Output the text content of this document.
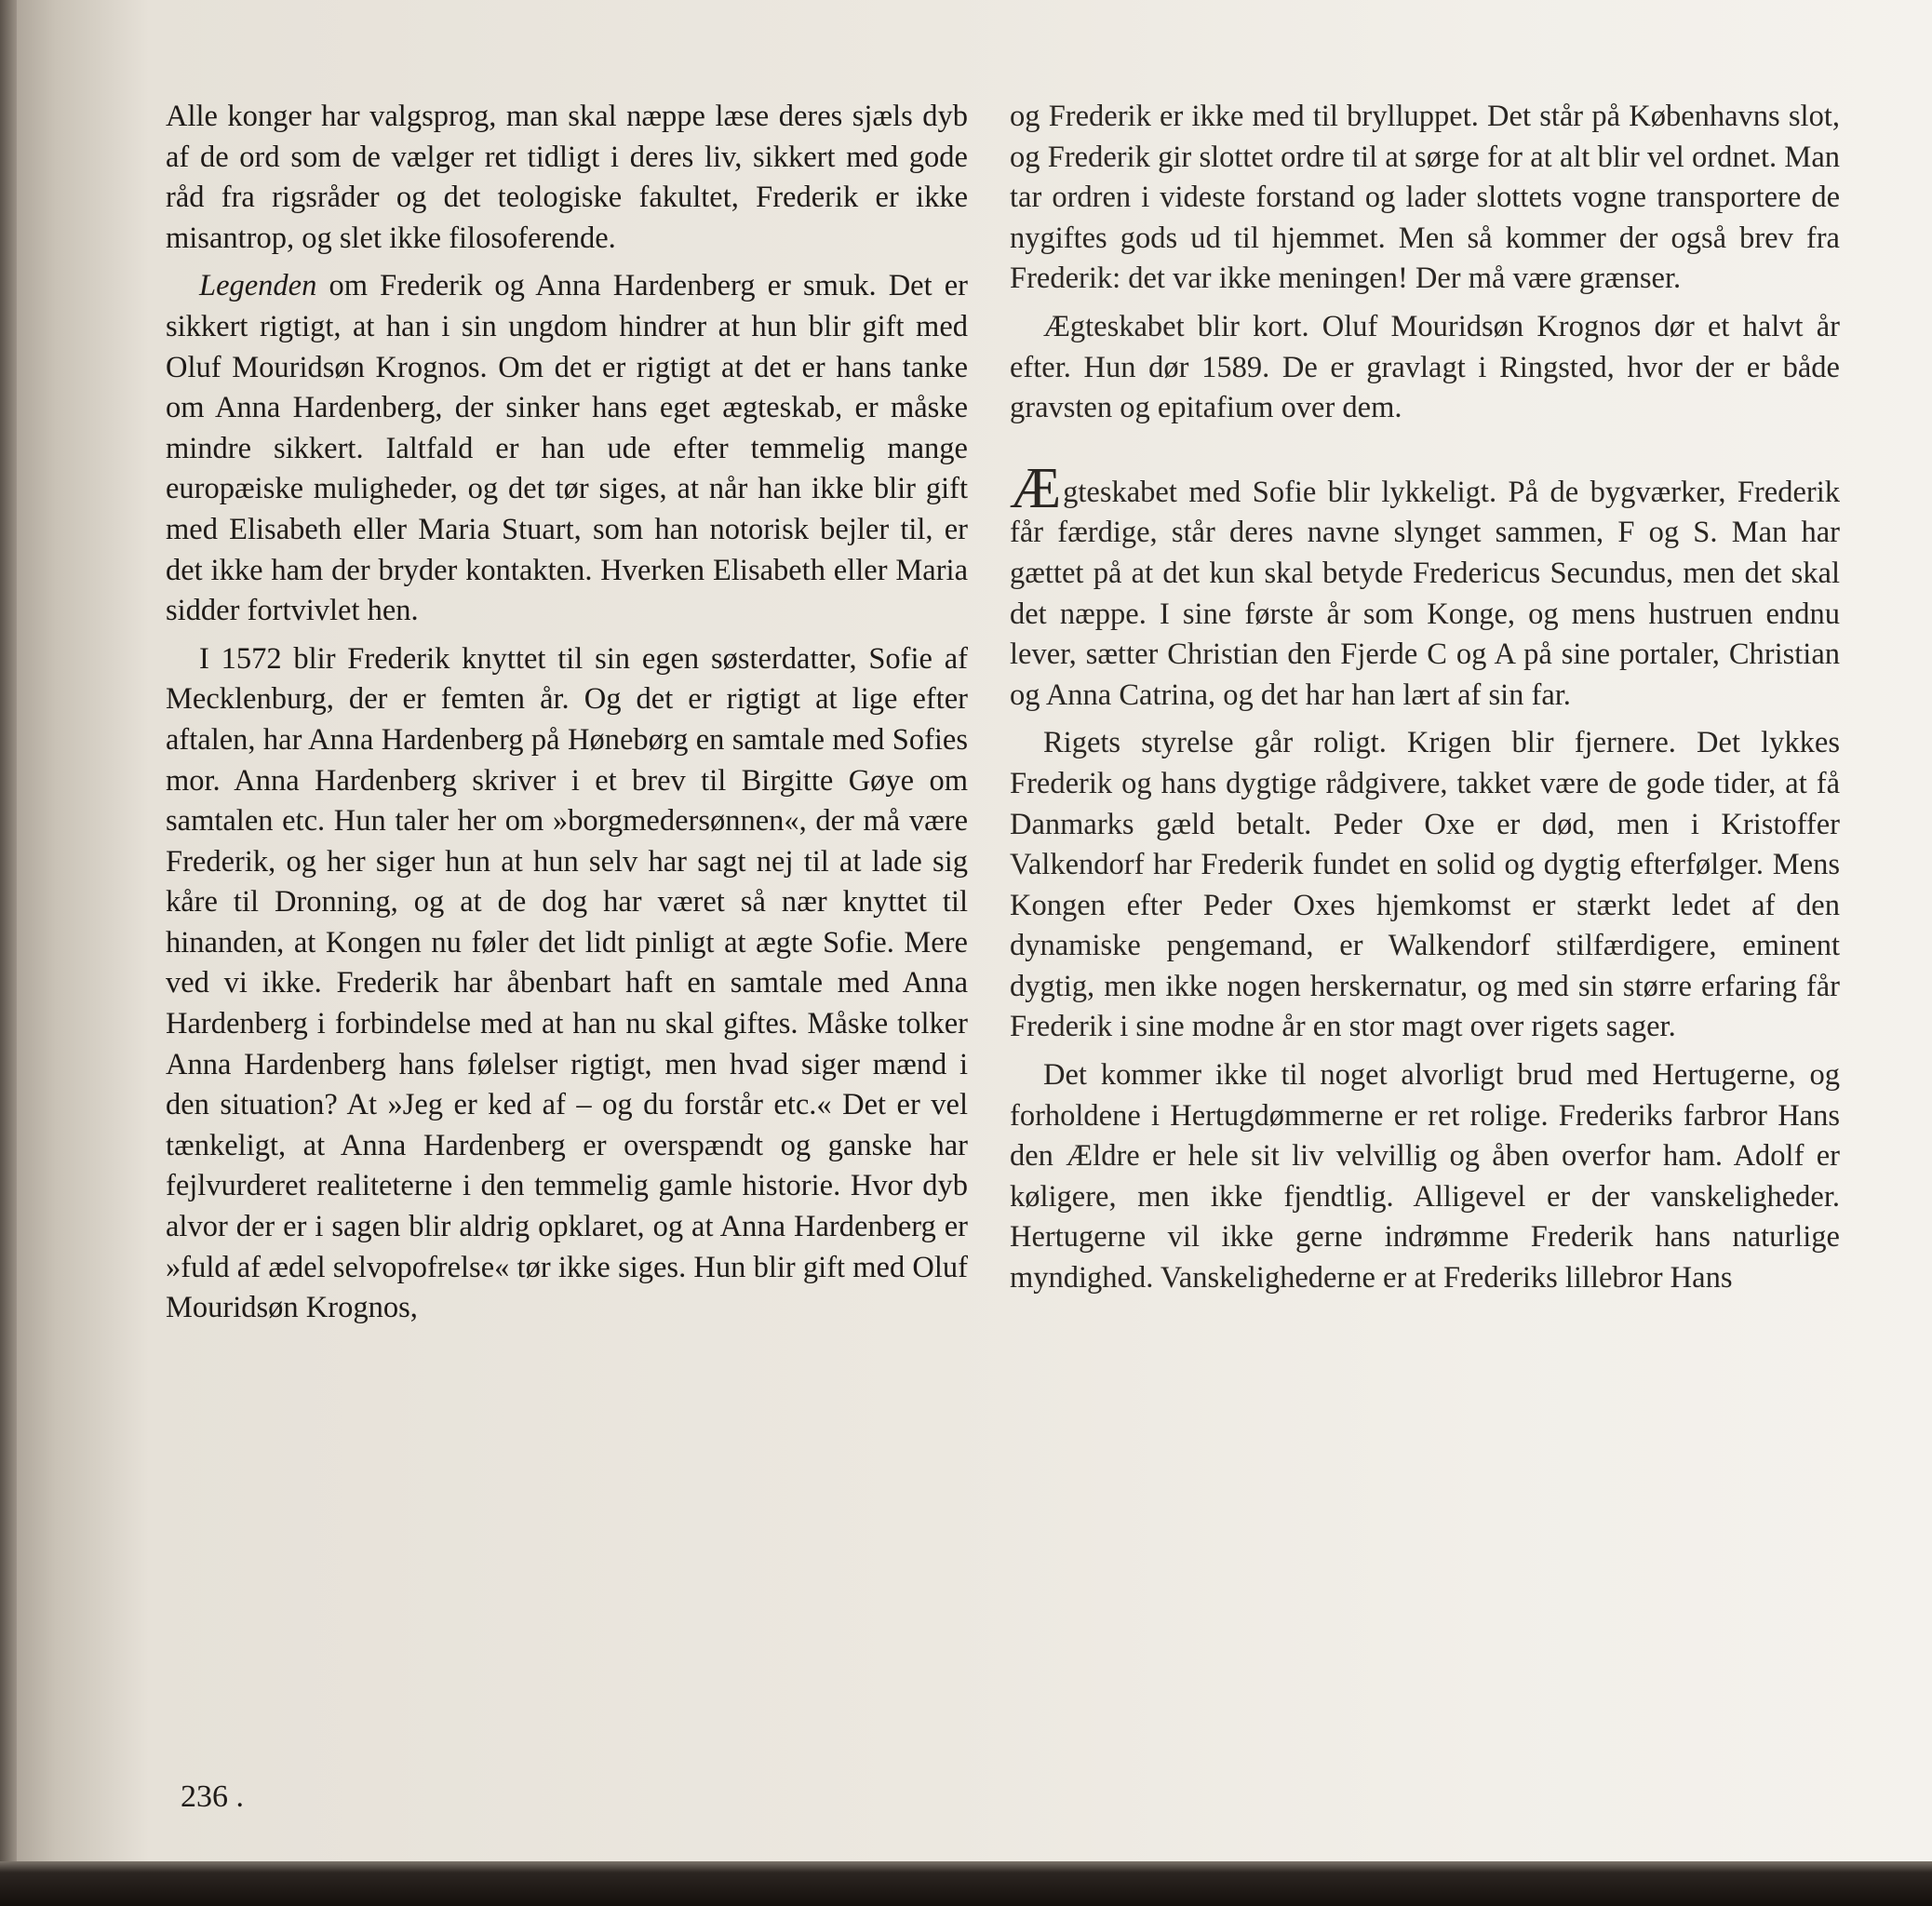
Alle konger har valgsprog, man skal næppe læse deres sjæls dyb af de ord som de vælger ret tidligt i deres liv, sikkert med gode råd fra rigsråder og det teologiske fakultet, Frederik er ikke misantrop, og slet ikke filosoferende.

Legenden om Frederik og Anna Hardenberg er smuk. Det er sikkert rigtigt, at han i sin ungdom hindrer at hun blir gift med Oluf Mouridsøn Krognos. Om det er rigtigt at det er hans tanke om Anna Hardenberg, der sinker hans eget ægteskab, er måske mindre sikkert. Ialtfald er han ude efter temmelig mange europæiske muligheder, og det tør siges, at når han ikke blir gift med Elisabeth eller Maria Stuart, som han notorisk bejler til, er det ikke ham der bryder kontakten. Hverken Elisabeth eller Maria sidder fortvivlet hen.

I 1572 blir Frederik knyttet til sin egen søsterdatter, Sofie af Mecklenburg, der er femten år. Og det er rigtigt at lige efter aftalen, har Anna Hardenberg på Hønebørg en samtale med Sofies mor. Anna Hardenberg skriver i et brev til Birgitte Gøye om samtalen etc. Hun taler her om »borgmedersønnen«, der må være Frederik, og her siger hun at hun selv har sagt nej til at lade sig kåre til Dronning, og at de dog har været så nær knyttet til hinanden, at Kongen nu føler det lidt pinligt at ægte Sofie. Mere ved vi ikke. Frederik har åbenbart haft en samtale med Anna Hardenberg i forbindelse med at han nu skal giftes. Måske tolker Anna Hardenberg hans følelser rigtigt, men hvad siger mænd i den situation? At »Jeg er ked af – og du forstår etc.« Det er vel tænkeligt, at Anna Hardenberg er overspændt og ganske har fejlvurderet realiteterne i den temmelig gamle historie. Hvor dyb alvor der er i sagen blir aldrig opklaret, og at Anna Hardenberg er »fuld af ædel selvopofrelse« tør ikke siges. Hun blir gift med Oluf Mouridsøn Krognos,

og Frederik er ikke med til brylluppet. Det står på Københavns slot, og Frederik gir slottet ordre til at sørge for at alt blir vel ordnet. Man tar ordren i videste forstand og lader slottets vogne transportere de nygiftes gods ud til hjemmet. Men så kommer der også brev fra Frederik: det var ikke meningen! Der må være grænser.

Ægteskabet blir kort. Oluf Mouridsøn Krognos dør et halvt år efter. Hun dør 1589. De er gravlagt i Ringsted, hvor der er både gravsten og epitafium over dem.

Ægteskabet med Sofie blir lykkeligt. På de bygværker, Frederik får færdige, står deres navne slynget sammen, F og S. Man har gættet på at det kun skal betyde Fredericus Secundus, men det skal det næppe. I sine første år som Konge, og mens hustruen endnu lever, sætter Christian den Fjerde C og A på sine portaler, Christian og Anna Catrina, og det har han lært af sin far.

Rigets styrelse går roligt. Krigen blir fjernere. Det lykkes Frederik og hans dygtige rådgivere, takket være de gode tider, at få Danmarks gæld betalt. Peder Oxe er død, men i Kristoffer Valkendorf har Frederik fundet en solid og dygtig efterfølger. Mens Kongen efter Peder Oxes hjemkomst er stærkt ledet af den dynamiske pengemand, er Walkendorf stilfærdigere, eminent dygtig, men ikke nogen herskernatur, og med sin større erfaring får Frederik i sine modne år en stor magt over rigets sager.

Det kommer ikke til noget alvorligt brud med Hertugerne, og forholdene i Hertugdømmerne er ret rolige. Frederiks farbror Hans den Ældre er hele sit liv velvillig og åben overfor ham. Adolf er køligere, men ikke fjendtlig. Alligevel er der vanskeligheder. Hertugerne vil ikke gerne indrømme Frederik hans naturlige myndighed. Vanskelighederne er at Frederiks lillebror Hans

236 .
